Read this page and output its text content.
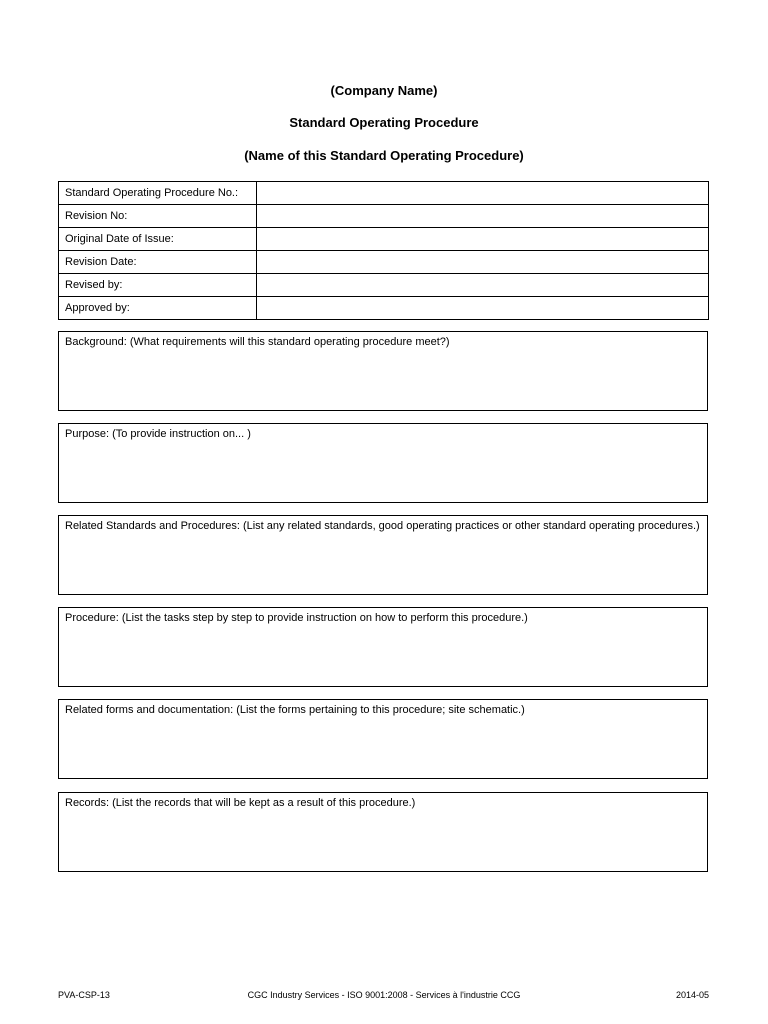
(Company Name)
Standard Operating Procedure
(Name of this Standard Operating Procedure)
Standard Operating Procedure No.:	
Revision No:	
Original Date of Issue:	
Revision Date:	
Revised by:	
Approved by:	
Background: (What requirements will this standard operating procedure meet?)
Purpose: (To provide instruction on... )
Related Standards and Procedures: (List any related standards, good operating practices or other standard operating procedures.)
Procedure: (List the tasks step by step to provide instruction on how to perform this procedure.)
Related forms and documentation: (List the forms pertaining to this procedure; site schematic.)
Records: (List the records that will be kept as a result of this procedure.)
PVA-CSP-13	CGC Industry Services - ISO 9001:2008 - Services à l'industrie CCG	2014-05
